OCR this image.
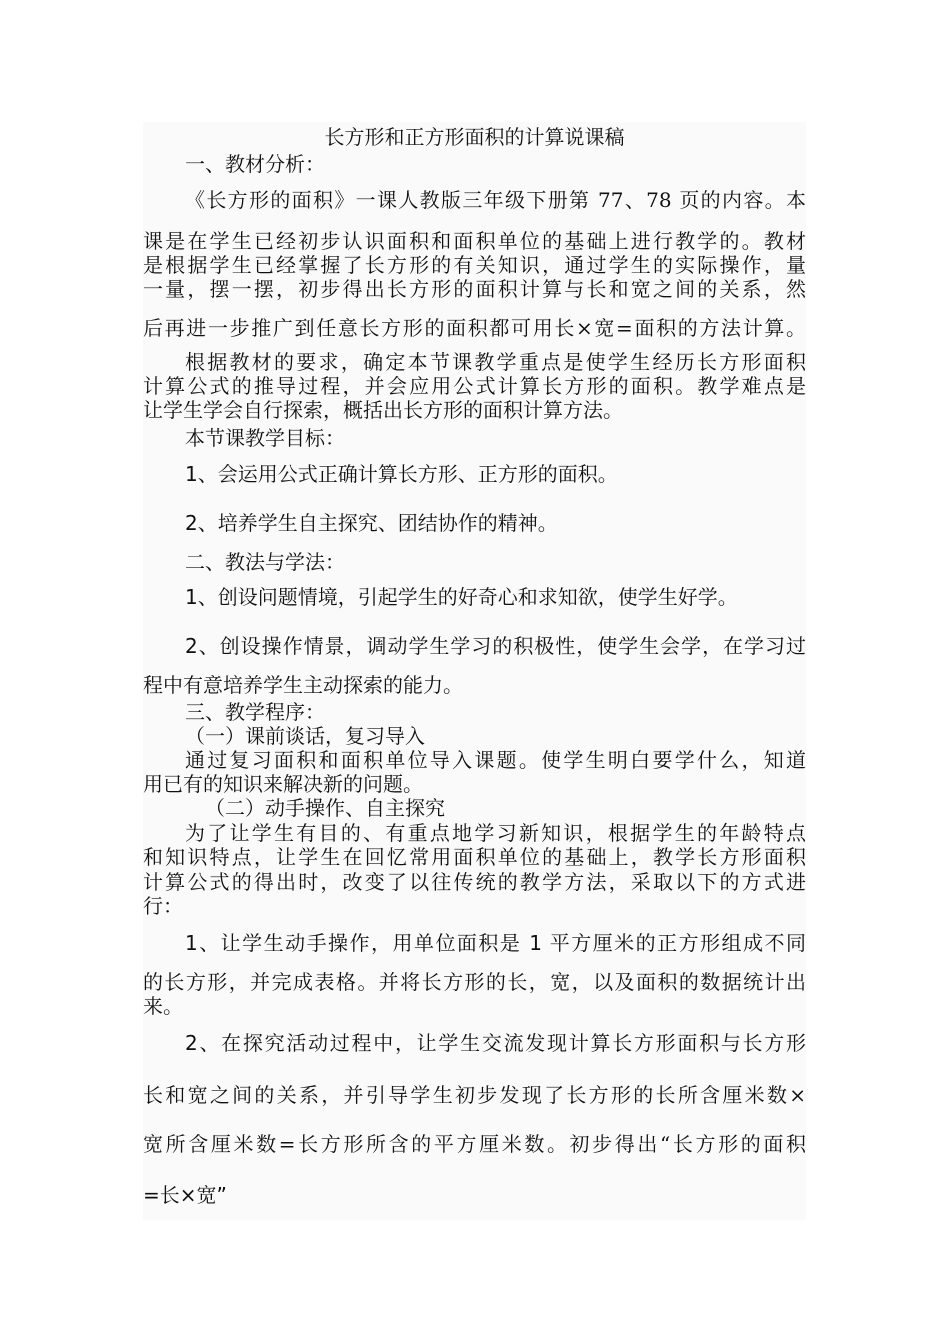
长方形和正方形面积的计算说课稿
一、教材分析：
《长方形的面积》一课人教版三年级下册第 77、78 页的内容。本
课是在学生已经初步认识面积和面积单位的基础上进行教学的。教材
是根据学生已经掌握了长方形的有关知识，通过学生的实际操作，量
一量，摆一摆，初步得出长方形的面积计算与长和宽之间的关系，然
后再进一步推广到任意长方形的面积都可用长×宽=面积的方法计算。
根据教材的要求，确定本节课教学重点是使学生经历长方形面积
计算公式的推导过程，并会应用公式计算长方形的面积。教学难点是
让学生学会自行探索，概括出长方形的面积计算方法。
本节课教学目标：
1、会运用公式正确计算长方形、正方形的面积。
2、培养学生自主探究、团结协作的精神。
二、教法与学法：
1、创设问题情境，引起学生的好奇心和求知欲，使学生好学。
2、创设操作情景，调动学生学习的积极性，使学生会学，在学习过
程中有意培养学生主动探索的能力。
三、教学程序：
（一）课前谈话，复习导入
通过复习面积和面积单位导入课题。使学生明白要学什么，知道
用已有的知识来解决新的问题。
（二）动手操作、自主探究
为了让学生有目的、有重点地学习新知识，根据学生的年龄特点
和知识特点，让学生在回忆常用面积单位的基础上，教学长方形面积
计算公式的得出时，改变了以往传统的教学方法，采取以下的方式进
行：
1、让学生动手操作，用单位面积是 1 平方厘米的正方形组成不同
的长方形，并完成表格。并将长方形的长，宽，以及面积的数据统计出
来。
2、在探究活动过程中，让学生交流发现计算长方形面积与长方形
长和宽之间的关系，并引导学生初步发现了长方形的长所含厘米数×
宽所含厘米数=长方形所含的平方厘米数。初步得出“长方形的面积
=长×宽”
